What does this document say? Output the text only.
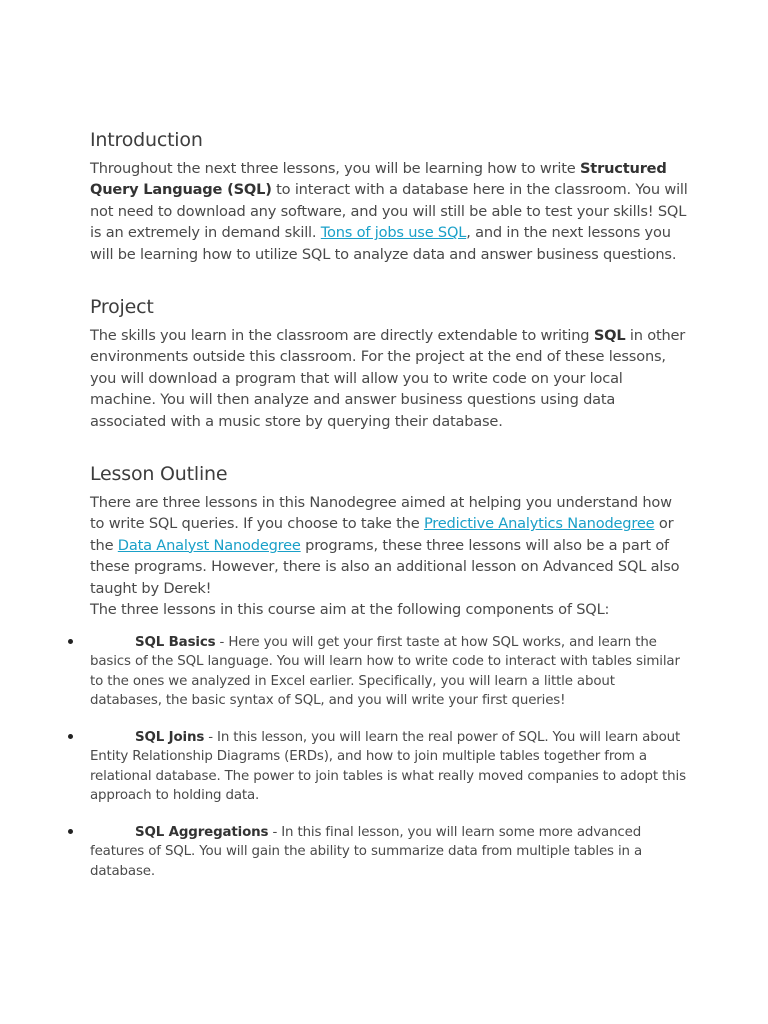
Introduction

Throughout the next three lessons, you will be learning how to write Structured Query Language (SQL) to interact with a database here in the classroom. You will not need to download any software, and you will still be able to test your skills! SQL is an extremely in demand skill. Tons of jobs use SQL, and in the next lessons you will be learning how to utilize SQL to analyze data and answer business questions.

Project

The skills you learn in the classroom are directly extendable to writing SQL in other environments outside this classroom. For the project at the end of these lessons, you will download a program that will allow you to write code on your local machine. You will then analyze and answer business questions using data associated with a music store by querying their database.

Lesson Outline

There are three lessons in this Nanodegree aimed at helping you understand how to write SQL queries. If you choose to take the Predictive Analytics Nanodegree or the Data Analyst Nanodegree programs, these three lessons will also be a part of these programs. However, there is also an additional lesson on Advanced SQL also taught by Derek!
The three lessons in this course aim at the following components of SQL:

SQL Basics - Here you will get your first taste at how SQL works, and learn the basics of the SQL language. You will learn how to write code to interact with tables similar to the ones we analyzed in Excel earlier. Specifically, you will learn a little about databases, the basic syntax of SQL, and you will write your first queries!
SQL Joins - In this lesson, you will learn the real power of SQL. You will learn about Entity Relationship Diagrams (ERDs), and how to join multiple tables together from a relational database. The power to join tables is what really moved companies to adopt this approach to holding data.
SQL Aggregations - In this final lesson, you will learn some more advanced features of SQL. You will gain the ability to summarize data from multiple tables in a database.
